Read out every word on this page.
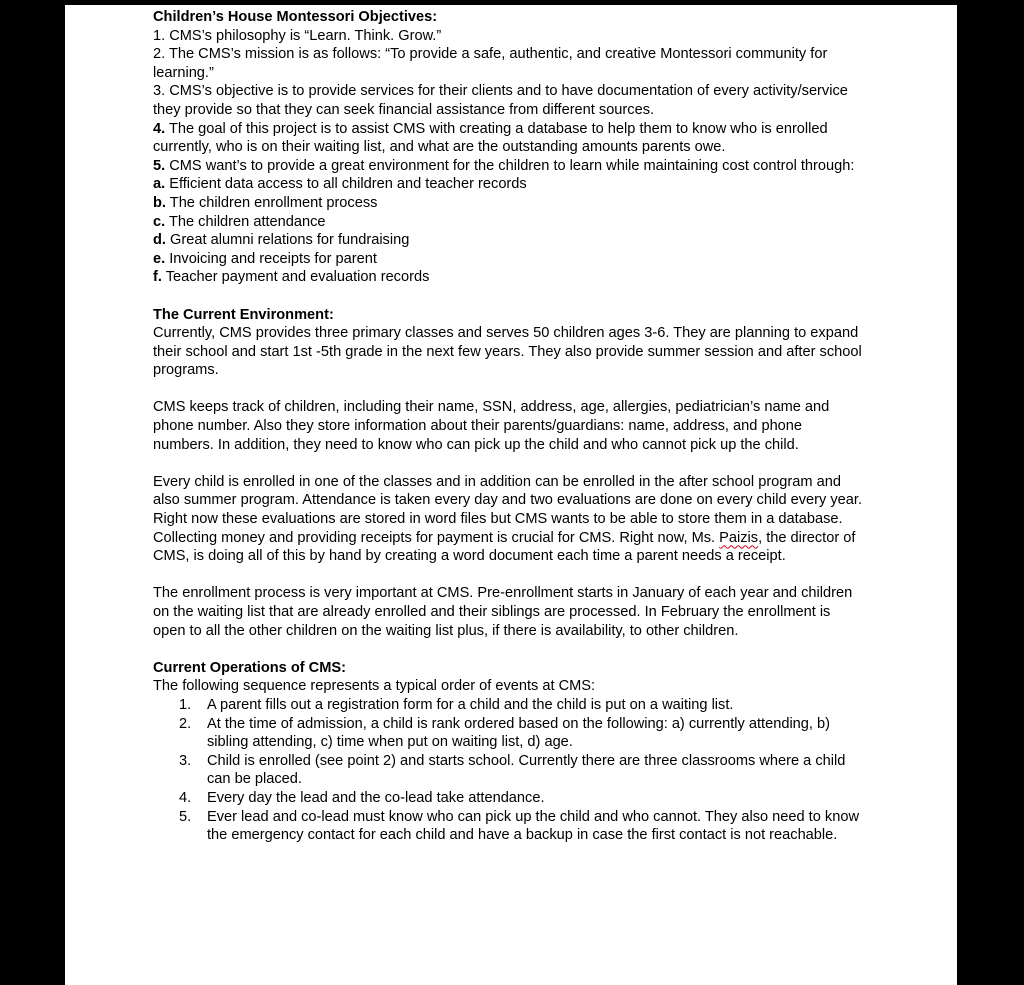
Children’s House Montessori Objectives:

1. CMS’s philosophy is “Learn. Think. Grow.”

2. The CMS’s mission is as follows: “To provide a safe, authentic, and creative Montessori community for learning.”

3. CMS’s objective is to provide services for their clients and to have documentation of every activity/service they provide so that they can seek financial assistance from different sources.

4. The goal of this project is to assist CMS with creating a database to help them to know who is enrolled currently, who is on their waiting list, and what are the outstanding amounts parents owe.

5. CMS want’s to provide a great environment for the children to learn while maintaining cost control through:

a. Efficient data access to all children and teacher records

b. The children enrollment process

c. The children attendance

d. Great alumni relations for fundraising

e. Invoicing and receipts for parent

f. Teacher payment and evaluation records

The Current Environment:

Currently, CMS provides three primary classes and serves 50 children ages 3-6. They are planning to expand their school and start 1st -5th grade in the next few years. They also provide summer session and after school programs.

CMS keeps track of children, including their name, SSN, address, age, allergies, pediatrician’s name and phone number. Also they store information about their parents/guardians: name, address, and phone numbers. In addition, they need to know who can pick up the child and who cannot pick up the child.

Every child is enrolled in one of the classes and in addition can be enrolled in the after school program and also summer program. Attendance is taken every day and two evaluations are done on every child every year. Right now these evaluations are stored in word files but CMS wants to be able to store them in a database. Collecting money and providing receipts for payment is crucial for CMS. Right now, Ms. Paizis, the director of CMS, is doing all of this by hand by creating a word document each time a parent needs a receipt.

The enrollment process is very important at CMS. Pre-enrollment starts in January of each year and children on the waiting list that are already enrolled and their siblings are processed. In February the enrollment is open to all the other children on the waiting list plus, if there is availability, to other children.

Current Operations of CMS:

The following sequence represents a typical order of events at CMS:

1. A parent fills out a registration form for a child and the child is put on a waiting list.
2. At the time of admission, a child is rank ordered based on the following: a) currently attending, b) sibling attending, c) time when put on waiting list, d) age.
3. Child is enrolled (see point 2) and starts school. Currently there are three classrooms where a child can be placed.
4. Every day the lead and the co-lead take attendance.
5. Ever lead and co-lead must know who can pick up the child and who cannot. They also need to know the emergency contact for each child and have a backup in case the first contact is not reachable.
